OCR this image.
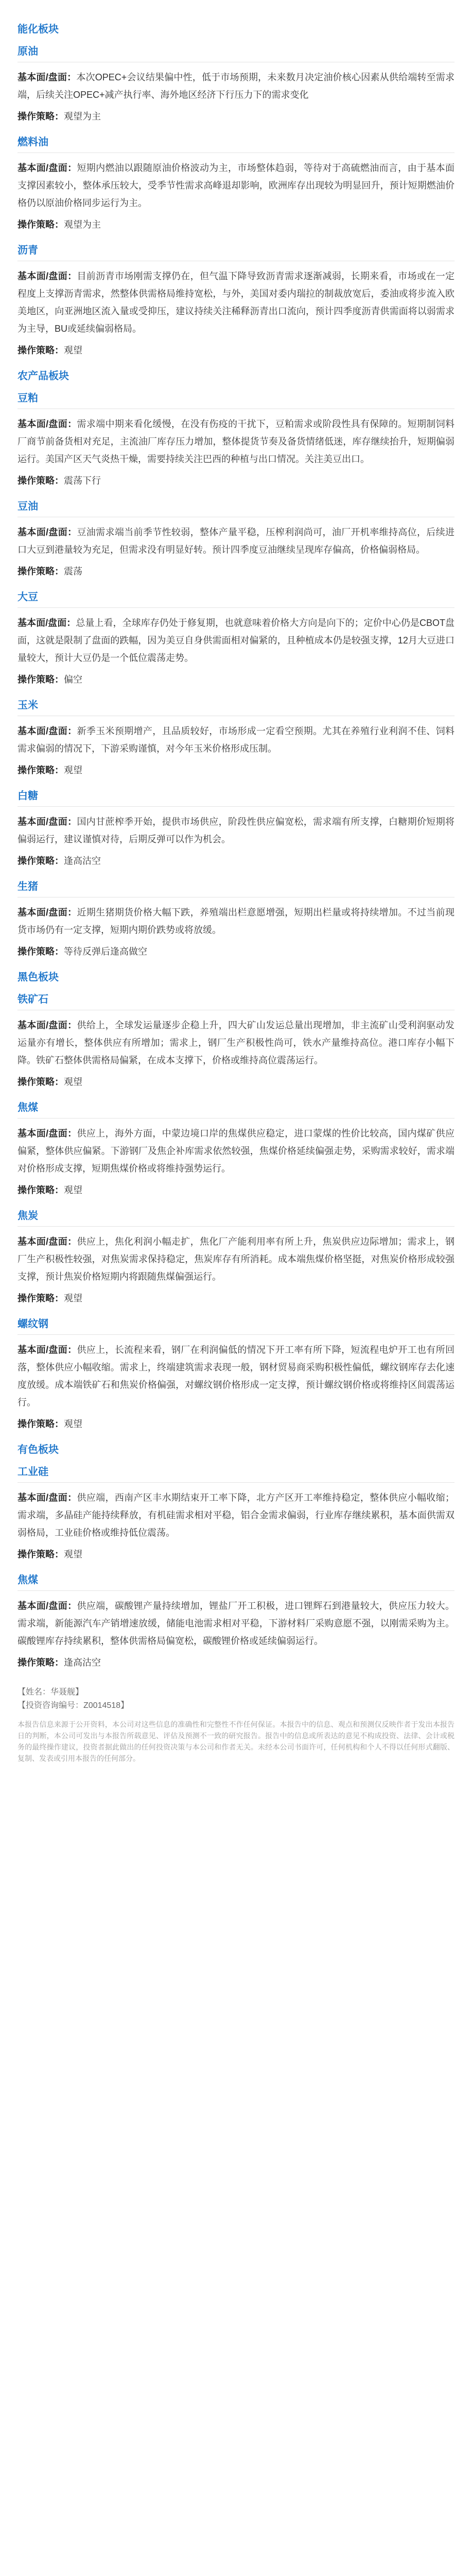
能化板块
原油

基本面/盘面：本次OPEC+会议结果偏中性，低于市场预期，未来数月决定油价核心因素从供给端转至需求端，后续关注OPEC+减产执行率、海外地区经济下行压力下的需求变化

操作策略：观望为主

燃料油

基本面/盘面：短期内燃油以跟随原油价格波动为主，市场整体趋弱，等待对于高硫燃油而言，由于基本面支撑因素较小，整体承压较大，受季节性需求高峰退却影响，欧洲库存出现较为明显回升，预计短期燃油价格仍以原油价格同步运行为主。

操作策略：观望为主

沥青

基本面/盘面：目前沥青市场刚需支撑仍在，但气温下降导致沥青需求逐渐减弱，长期来看，市场或在一定程度上支撑沥青需求，然整体供需格局维持宽松，与外，美国对委内瑞拉的制裁放宽后，委油或将步流入欧美地区，向亚洲地区流入量或受抑压，建议持续关注稀释沥青出口流向，预计四季度沥青供需面将以弱需求为主导，BU或延续偏弱格局。

操作策略：观望

农产品板块
豆粕

基本面/盘面：需求端中期来看化缓慢，在没有伤疫的干扰下，豆粕需求或阶段性具有保障的。短期制饲料厂商节前备货相对充足，主流油厂库存压力增加，整体提货节奏及备货情绪低迷，库存继续抬升，短期偏弱运行。美国产区天气炎热干燥，需要持续关注巴西的种植与出口情况。关注美豆出口。

操作策略：震荡下行

豆油

基本面/盘面：豆油需求端当前季节性较弱，整体产量平稳，压榨利润尚可，油厂开机率维持高位，后续进口大豆到港量较为充足，但需求没有明显好转。预计四季度豆油继续呈现库存偏高，价格偏弱格局。

操作策略：震荡

大豆

基本面/盘面：总量上看，全球库存仍处于修复期，也就意味着价格大方向是向下的；定价中心仍是CBOT盘面，这就是限制了盘面的跌幅，因为美豆自身供需面相对偏紧的，且种植成本仍是较强支撑，12月大豆进口量较大，预计大豆仍是一个低位震荡走势。

操作策略：偏空

玉米

基本面/盘面：新季玉米预期增产，且品质较好，市场形成一定看空预期。尤其在养殖行业利润不佳、饲料需求偏弱的情况下，下游采购谨慎，对今年玉米价格形成压制。

操作策略：观望

白糖

基本面/盘面：国内甘蔗榨季开始，提供市场供应，阶段性供应偏宽松，需求端有所支撑，白糖期价短期将偏弱运行，建议谨慎对待，后期反弹可以作为机会。

操作策略：逢高沽空

生猪

基本面/盘面：近期生猪期货价格大幅下跌，养殖端出栏意愿增强，短期出栏量或将持续增加。不过当前现货市场仍有一定支撑，短期内期价跌势或将放缓。

操作策略：等待反弹后逢高做空

黑色板块
铁矿石

基本面/盘面：供给上，全球发运量逐步企稳上升，四大矿山发运总量出现增加，非主流矿山受利润驱动发运量亦有增长，整体供应有所增加；需求上，钢厂生产积极性尚可，铁水产量维持高位。港口库存小幅下降。铁矿石整体供需格局偏紧，在成本支撑下，价格或维持高位震荡运行。

操作策略：观望

焦煤

基本面/盘面：供应上，海外方面，中蒙边境口岸的焦煤供应稳定，进口蒙煤的性价比较高，国内煤矿供应偏紧，整体供应偏紧。下游钢厂及焦企补库需求依然较强，焦煤价格延续偏强走势，采购需求较好，需求端对价格形成支撑，短期焦煤价格或将维持强势运行。

操作策略：观望

焦炭

基本面/盘面：供应上，焦化利润小幅走扩，焦化厂产能利用率有所上升，焦炭供应边际增加；需求上，钢厂生产积极性较强，对焦炭需求保持稳定，焦炭库存有所消耗。成本端焦煤价格坚挺，对焦炭价格形成较强支撑，预计焦炭价格短期内将跟随焦煤偏强运行。

操作策略：观望

螺纹钢

基本面/盘面：供应上，长流程来看，钢厂在利润偏低的情况下开工率有所下降，短流程电炉开工也有所回落，整体供应小幅收缩。需求上，终端建筑需求表现一般，钢材贸易商采购积极性偏低，螺纹钢库存去化速度放缓。成本端铁矿石和焦炭价格偏强，对螺纹钢价格形成一定支撑，预计螺纹钢价格或将维持区间震荡运行。

操作策略：观望

有色板块
工业硅

基本面/盘面：供应端，西南产区丰水期结束开工率下降，北方产区开工率维持稳定，整体供应小幅收缩；需求端，多晶硅产能持续释放，有机硅需求相对平稳，铝合金需求偏弱，行业库存继续累积，基本面供需双弱格局，工业硅价格或维持低位震荡。

操作策略：观望

焦煤

基本面/盘面：供应端，碳酸锂产量持续增加，锂盐厂开工积极，进口锂辉石到港量较大，供应压力较大。需求端，新能源汽车产销增速放缓，储能电池需求相对平稳，下游材料厂采购意愿不强，以刚需采购为主。碳酸锂库存持续累积，整体供需格局偏宽松，碳酸锂价格或延续偏弱运行。

操作策略：逢高沽空

【姓名：华聂舰】
【投资咨询编号：Z0014518】

本报告信息来源于公开资料，本公司对这些信息的准确性和完整性不作任何保证。本报告中的信息、观点和预测仅反映作者于发出本报告日的判断，本公司可发出与本报告所载意见、评估及预测不一致的研究报告。报告中的信息或所表达的意见不构成投资、法律、会计或税务的最终操作建议，投资者据此做出的任何投资决策与本公司和作者无关。未经本公司书面许可，任何机构和个人不得以任何形式翻版、复制、发表或引用本报告的任何部分。
